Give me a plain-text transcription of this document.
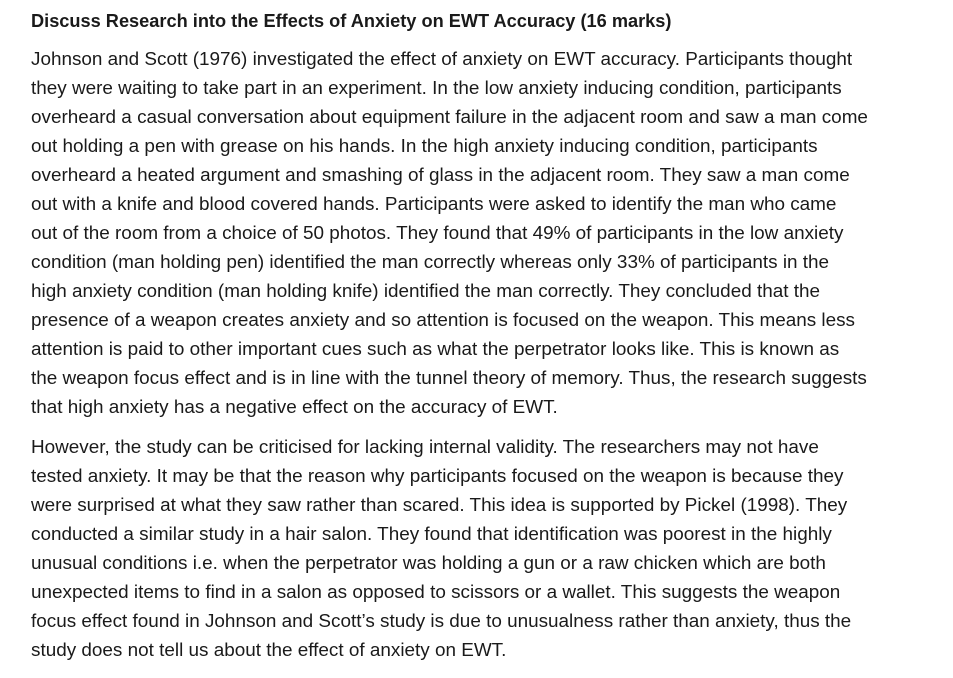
Discuss Research into the Effects of Anxiety on EWT Accuracy (16 marks)
Johnson and Scott (1976) investigated the effect of anxiety on EWT accuracy. Participants thought
they were waiting to take part in an experiment. In the low anxiety inducing condition, participants
overheard a casual conversation about equipment failure in the adjacent room and saw a man come
out holding a pen with grease on his hands. In the high anxiety inducing condition, participants
overheard a heated argument and smashing of glass in the adjacent room. They saw a man come
out with a knife and blood covered hands. Participants were asked to identify the man who came
out of the room from a choice of 50 photos. They found that 49% of participants in the low anxiety
condition (man holding pen) identified the man correctly whereas only 33% of participants in the
high anxiety condition (man holding knife) identified the man correctly. They concluded that the
presence of a weapon creates anxiety and so attention is focused on the weapon. This means less
attention is paid to other important cues such as what the perpetrator looks like. This is known as
the weapon focus effect and is in line with the tunnel theory of memory. Thus, the research suggests
that high anxiety has a negative effect on the accuracy of EWT.
However, the study can be criticised for lacking internal validity. The researchers may not have
tested anxiety. It may be that the reason why participants focused on the weapon is because they
were surprised at what they saw rather than scared. This idea is supported by Pickel (1998). They
conducted a similar study in a hair salon. They found that identification was poorest in the highly
unusual conditions i.e. when the perpetrator was holding a gun or a raw chicken which are both
unexpected items to find in a salon as opposed to scissors or a wallet. This suggests the weapon
focus effect found in Johnson and Scott’s study is due to unusualness rather than anxiety, thus the
study does not tell us about the effect of anxiety on EWT.
